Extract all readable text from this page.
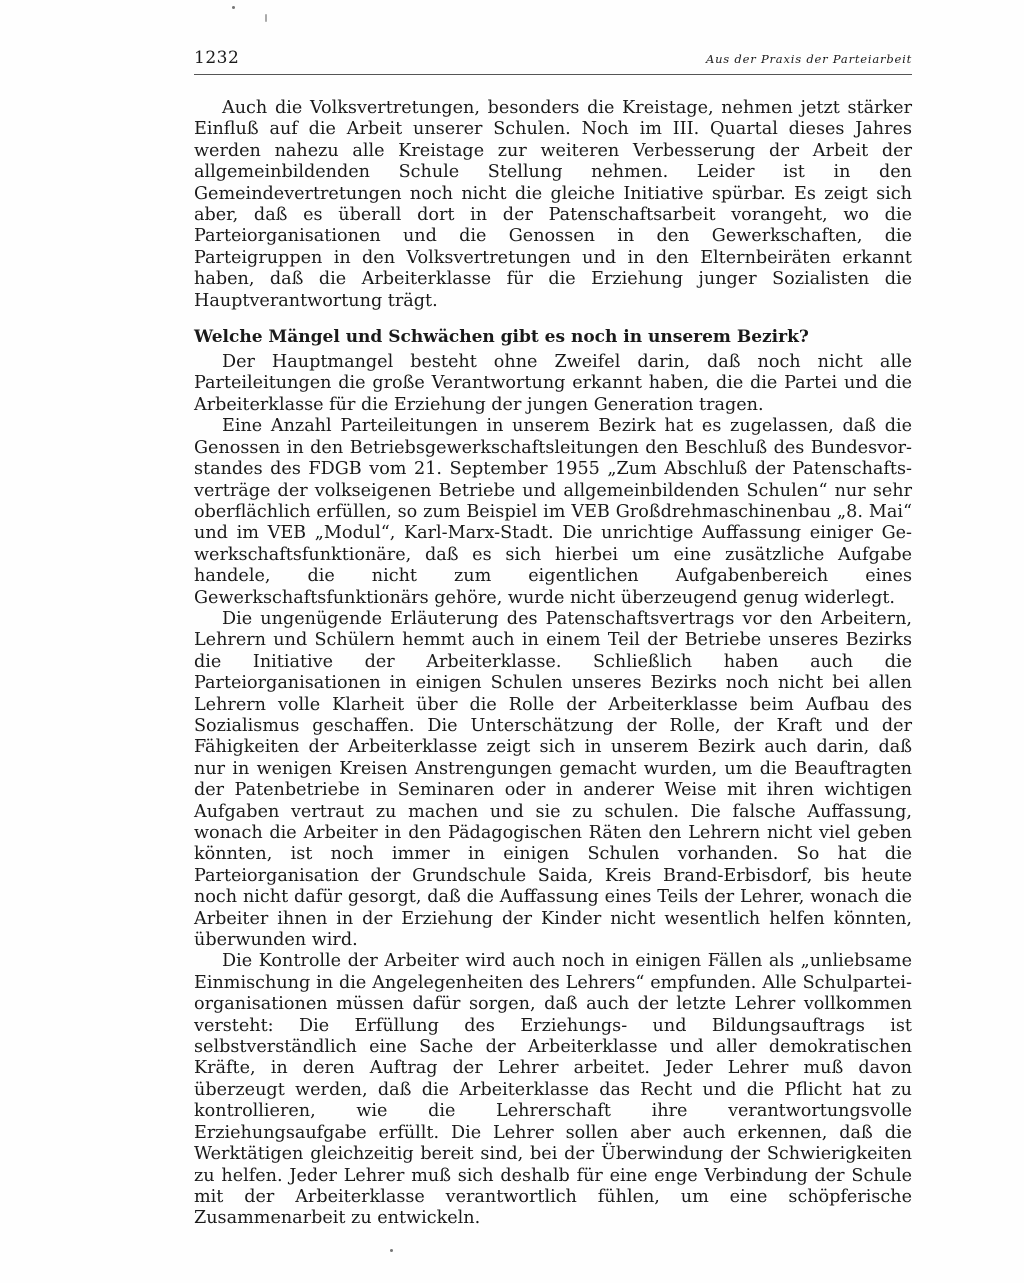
1232	Aus der Praxis der Parteiarbeit

Auch die Volksvertretungen, besonders die Kreistage, nehmen jetzt stärker Einfluß auf die Arbeit unserer Schulen. Noch im III. Quartal dieses Jahres werden nahezu alle Kreistage zur weiteren Verbesserung der Arbeit der allgemeinbildenden Schule Stellung nehmen. Leider ist in den Gemeindevertretungen noch nicht die gleiche Initiative spürbar. Es zeigt sich aber, daß es überall dort in der Patenschaftsarbeit vorangeht, wo die Parteiorganisationen und die Genossen in den Gewerkschaften, die Parteigruppen in den Volksvertretungen und in den Elternbeiräten erkannt haben, daß die Arbeiterklasse für die Erziehung junger Sozialisten die Hauptverantwortung trägt.

Welche Mängel und Schwächen gibt es noch in unserem Bezirk?

Der Hauptmangel besteht ohne Zweifel darin, daß noch nicht alle Parteileitungen die große Verantwortung erkannt haben, die die Partei und die Arbeiterklasse für die Erziehung der jungen Generation tragen.

Eine Anzahl Parteileitungen in unserem Bezirk hat es zugelassen, daß die Genossen in den Betriebsgewerkschaftsleitungen den Beschluß des Bundesvorstandes des FDGB vom 21. September 1955 „Zum Abschluß der Patenschaftsverträge der volkseigenen Betriebe und allgemeinbildenden Schulen“ nur sehr oberflächlich erfüllen, so zum Beispiel im VEB Großdrehmaschinenbau „8. Mai“ und im VEB „Modul“, Karl-Marx-Stadt. Die unrichtige Auffassung einiger Gewerkschaftsfunktionäre, daß es sich hierbei um eine zusätzliche Aufgabe handele, die nicht zum eigentlichen Aufgabenbereich eines Gewerkschaftsfunktionärs gehöre, wurde nicht überzeugend genug widerlegt.

Die ungenügende Erläuterung des Patenschaftsvertrags vor den Arbeitern, Lehrern und Schülern hemmt auch in einem Teil der Betriebe unseres Bezirks die Initiative der Arbeiterklasse. Schließlich haben auch die Parteiorganisationen in einigen Schulen unseres Bezirks noch nicht bei allen Lehrern volle Klarheit über die Rolle der Arbeiterklasse beim Aufbau des Sozialismus geschaffen. Die Unterschätzung der Rolle, der Kraft und der Fähigkeiten der Arbeiterklasse zeigt sich in unserem Bezirk auch darin, daß nur in wenigen Kreisen Anstrengungen gemacht wurden, um die Beauftragten der Patenbetriebe in Seminaren oder in anderer Weise mit ihren wichtigen Aufgaben vertraut zu machen und sie zu schulen. Die falsche Auffassung, wonach die Arbeiter in den Pädagogischen Räten den Lehrern nicht viel geben könnten, ist noch immer in einigen Schulen vorhanden. So hat die Parteiorganisation der Grundschule Saida, Kreis Brand-Erbisdorf, bis heute noch nicht dafür gesorgt, daß die Auffassung eines Teils der Lehrer, wonach die Arbeiter ihnen in der Erziehung der Kinder nicht wesentlich helfen könnten, überwunden wird.

Die Kontrolle der Arbeiter wird auch noch in einigen Fällen als „unliebsame Einmischung in die Angelegenheiten des Lehrers“ empfunden. Alle Schulparteiorganisationen müssen dafür sorgen, daß auch der letzte Lehrer vollkommen versteht: Die Erfüllung des Erziehungs- und Bildungsauftrags ist selbstverständlich eine Sache der Arbeiterklasse und aller demokratischen Kräfte, in deren Auftrag der Lehrer arbeitet. Jeder Lehrer muß davon überzeugt werden, daß die Arbeiterklasse das Recht und die Pflicht hat zu kontrollieren, wie die Lehrerschaft ihre verantwortungsvolle Erziehungsaufgabe erfüllt. Die Lehrer sollen aber auch erkennen, daß die Werktätigen gleichzeitig bereit sind, bei der Überwindung der Schwierigkeiten zu helfen. Jeder Lehrer muß sich deshalb für eine enge Verbindung der Schule mit der Arbeiterklasse verantwortlich fühlen, um eine schöpferische Zusammenarbeit zu entwickeln.
